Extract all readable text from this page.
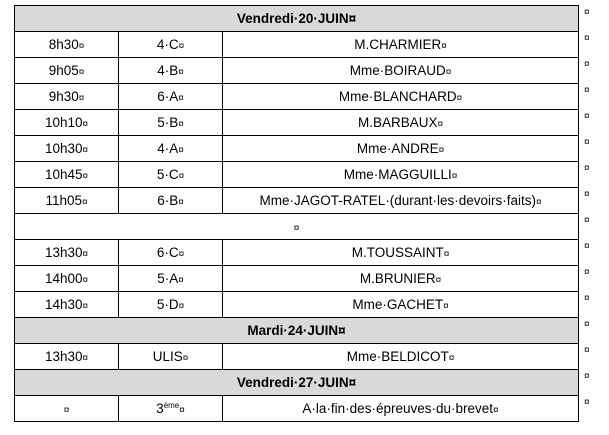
Vendredi·20·JUIN¤		
8h30¤	4·C¤	M.CHARMIER¤
9h05¤	4·B¤	Mme·BOIRAUD¤
9h30¤	6·A¤	Mme·BLANCHARD¤
10h10¤	5·B¤	M.BARBAUX¤
10h30¤	4·A¤	Mme·ANDRE¤
10h45¤	5·C¤	Mme·MAGGUILLI¤
11h05¤	6·B¤	Mme·JAGOT-RATEL·(durant·les·devoirs·faits)¤
¤		
13h30¤	6·C¤	M.TOUSSAINT¤
14h00¤	5·A¤	M.BRUNIER¤
14h30¤	5·D¤	Mme·GACHET¤
Mardi·24·JUIN¤		
13h30¤	ULIS¤	Mme·BELDICOT¤
Vendredi·27·JUIN¤		
¤	3ème¤	A·la·fin·des·épreuves·du·brevet¤
¤
¤
¤
¤
¤
¤
¤
¤
¤
¤
¤
¤
¤
¤
¤
¤
